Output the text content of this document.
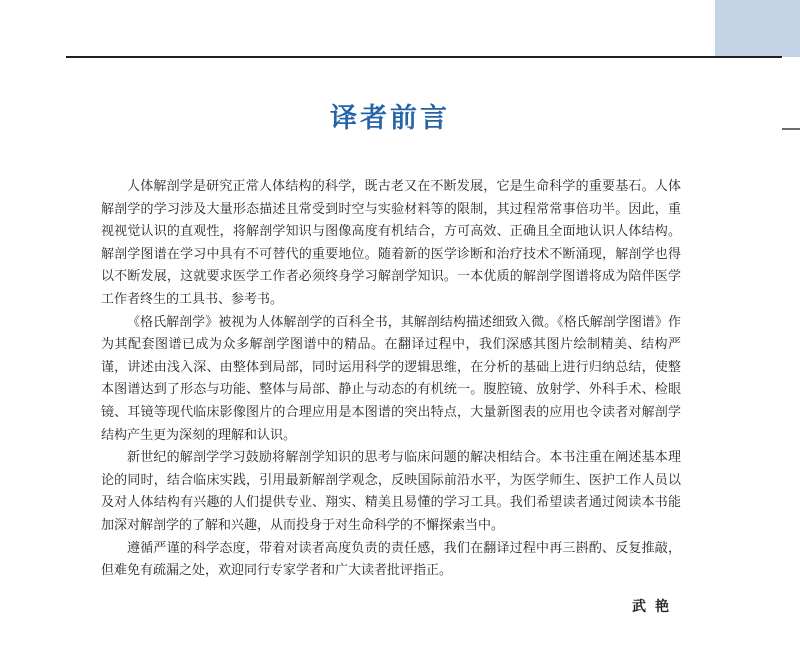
译者前言

人体解剖学是研究正常人体结构的科学，既古老又在不断发展，它是生命科学的重要基石。人体解剖学的学习涉及大量形态描述且常受到时空与实验材料等的限制，其过程常常事倍功半。因此，重视视觉认识的直观性，将解剖学知识与图像高度有机结合，方可高效、正确且全面地认识人体结构。解剖学图谱在学习中具有不可替代的重要地位。随着新的医学诊断和治疗技术不断涌现，解剖学也得以不断发展，这就要求医学工作者必须终身学习解剖学知识。一本优质的解剖学图谱将成为陪伴医学工作者终生的工具书、参考书。

《格氏解剖学》被视为人体解剖学的百科全书，其解剖结构描述细致入微。《格氏解剖学图谱》作为其配套图谱已成为众多解剖学图谱中的精品。在翻译过程中，我们深感其图片绘制精美、结构严谨，讲述由浅入深、由整体到局部，同时运用科学的逻辑思维，在分析的基础上进行归纳总结，使整本图谱达到了形态与功能、整体与局部、静止与动态的有机统一。腹腔镜、放射学、外科手术、检眼镜、耳镜等现代临床影像图片的合理应用是本图谱的突出特点，大量新图表的应用也令读者对解剖学结构产生更为深刻的理解和认识。

新世纪的解剖学学习鼓励将解剖学知识的思考与临床问题的解决相结合。本书注重在阐述基本理论的同时，结合临床实践，引用最新解剖学观念，反映国际前沿水平，为医学师生、医护工作人员以及对人体结构有兴趣的人们提供专业、翔实、精美且易懂的学习工具。我们希望读者通过阅读本书能加深对解剖学的了解和兴趣，从而投身于对生命科学的不懈探索当中。

遵循严谨的科学态度，带着对读者高度负责的责任感，我们在翻译过程中再三斟酌、反复推敲，但难免有疏漏之处，欢迎同行专家学者和广大读者批评指正。

武艳
